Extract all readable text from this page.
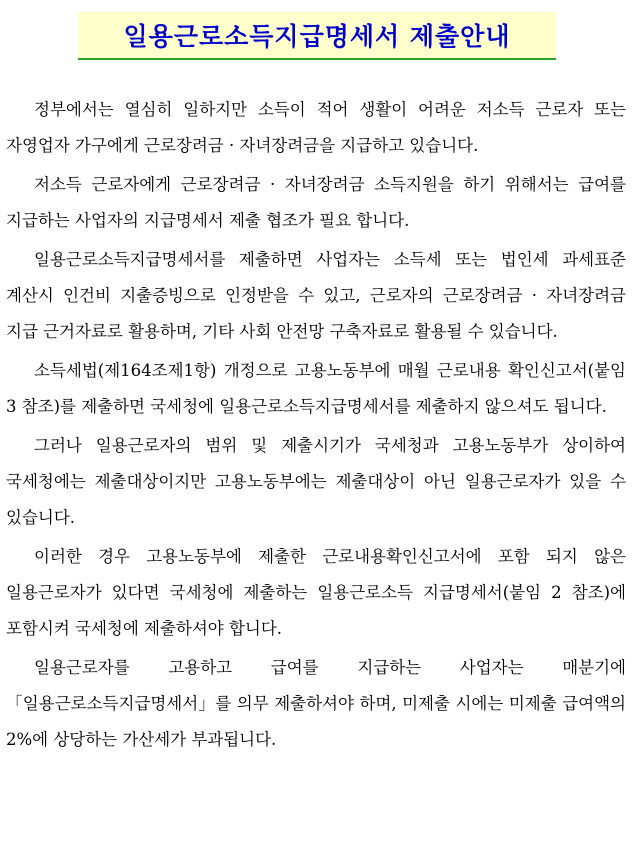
일용근로소득지급명세서 제출안내

정부에서는 열심히 일하지만 소득이 적어 생활이 어려운 저소득 근로자 또는 자영업자 가구에게 근로장려금 · 자녀장려금을 지급하고 있습니다.

저소득 근로자에게 근로장려금 · 자녀장려금 소득지원을 하기 위해서는 급여를 지급하는 사업자의 지급명세서 제출 협조가 필요 합니다.

일용근로소득지급명세서를 제출하면 사업자는 소득세 또는 법인세 과세표준 계산시 인건비 지출증빙으로 인정받을 수 있고, 근로자의 근로장려금 · 자녀장려금 지급 근거자료로 활용하며, 기타 사회 안전망 구축자료로 활용될 수 있습니다.

소득세법(제164조제1항) 개정으로 고용노동부에 매월 근로내용 확인신고서(붙임 3 참조)를 제출하면 국세청에 일용근로소득지급명세서를 제출하지 않으셔도 됩니다.

그러나 일용근로자의 범위 및 제출시기가 국세청과 고용노동부가 상이하여 국세청에는 제출대상이지만 고용노동부에는 제출대상이 아닌 일용근로자가 있을 수 있습니다.

이러한 경우 고용노동부에 제출한 근로내용확인신고서에 포함 되지 않은 일용근로자가 있다면 국세청에 제출하는 일용근로소득 지급명세서(붙임 2 참조)에 포함시켜 국세청에 제출하셔야 합니다.

일용근로자를 고용하고 급여를 지급하는 사업자는 매분기에 「일용근로소득지급명세서」를 의무 제출하셔야 하며, 미제출 시에는 미제출 급여액의 2%에 상당하는 가산세가 부과됩니다.
